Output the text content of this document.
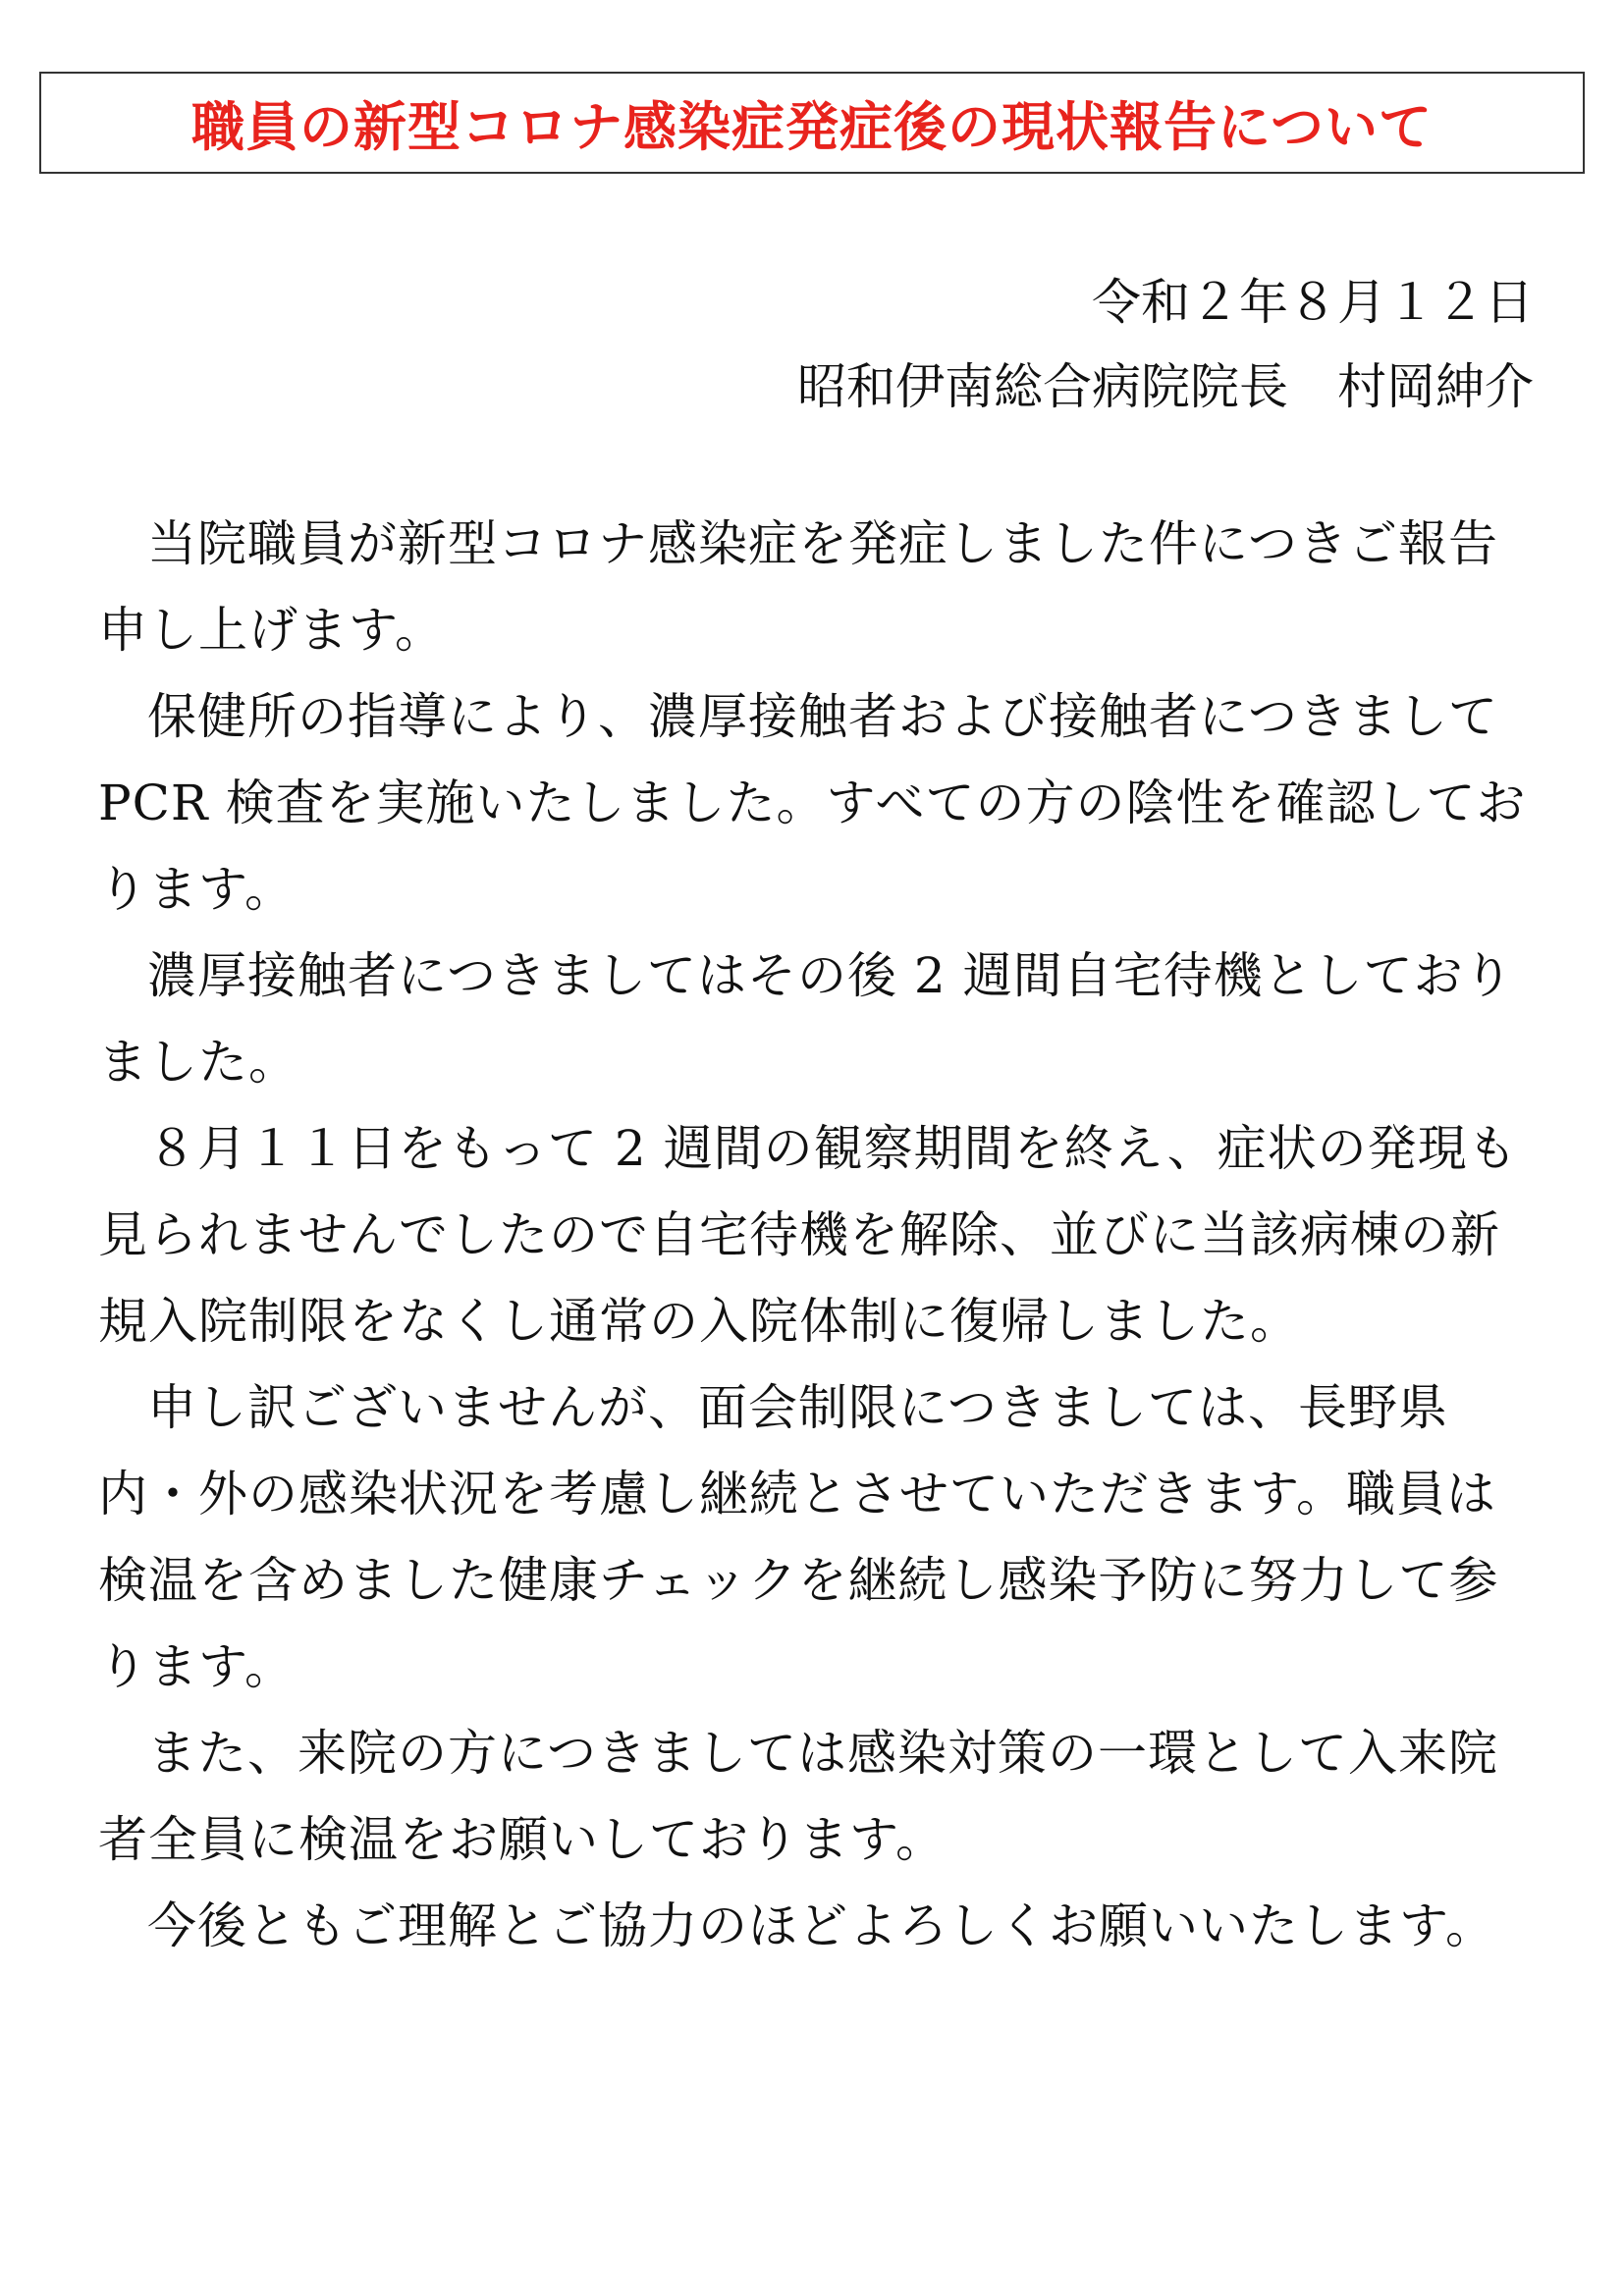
職員の新型コロナ感染症発症後の現状報告について
令和２年８月１２日
昭和伊南総合病院院長　村岡紳介

当院職員が新型コロナ感染症を発症しました件につきご報告申し上げます。

保健所の指導により、濃厚接触者および接触者につきまして PCR 検査を実施いたしました。すべての方の陰性を確認しております。

濃厚接触者につきましてはその後 2 週間自宅待機としておりました。

８月１１日をもって 2 週間の観察期間を終え、症状の発現も見られませんでしたので自宅待機を解除、並びに当該病棟の新規入院制限をなくし通常の入院体制に復帰しました。

申し訳ございませんが、面会制限につきましては、長野県内・外の感染状況を考慮し継続とさせていただきます。職員は検温を含めました健康チェックを継続し感染予防に努力して参ります。

また、来院の方につきましては感染対策の一環として入来院者全員に検温をお願いしております。

今後ともご理解とご協力のほどよろしくお願いいたします。
